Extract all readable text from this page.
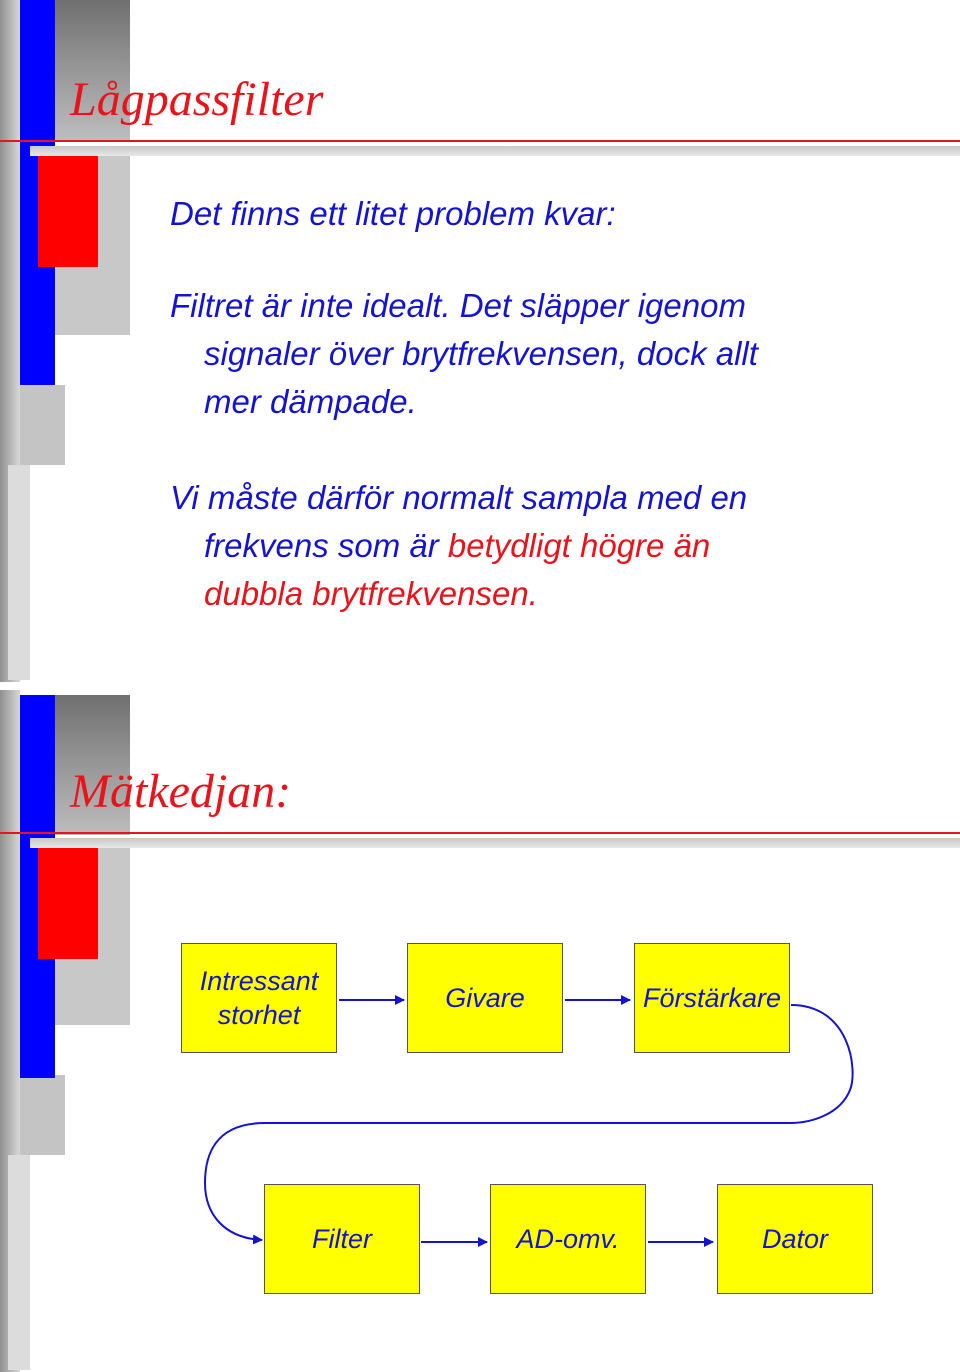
Lågpassfilter

Det finns ett litet problem kvar:

Filtret är inte idealt. Det släpper igenom
signaler över brytfrekvensen, dock allt
mer dämpade.

Vi måste därför normalt sampla med en
frekvens som är betydligt högre än
dubbla brytfrekvensen.

Mätkedjan:
Intressant
storhet
Givare	Förstärkare
Filter	AD-omv.	Dator
